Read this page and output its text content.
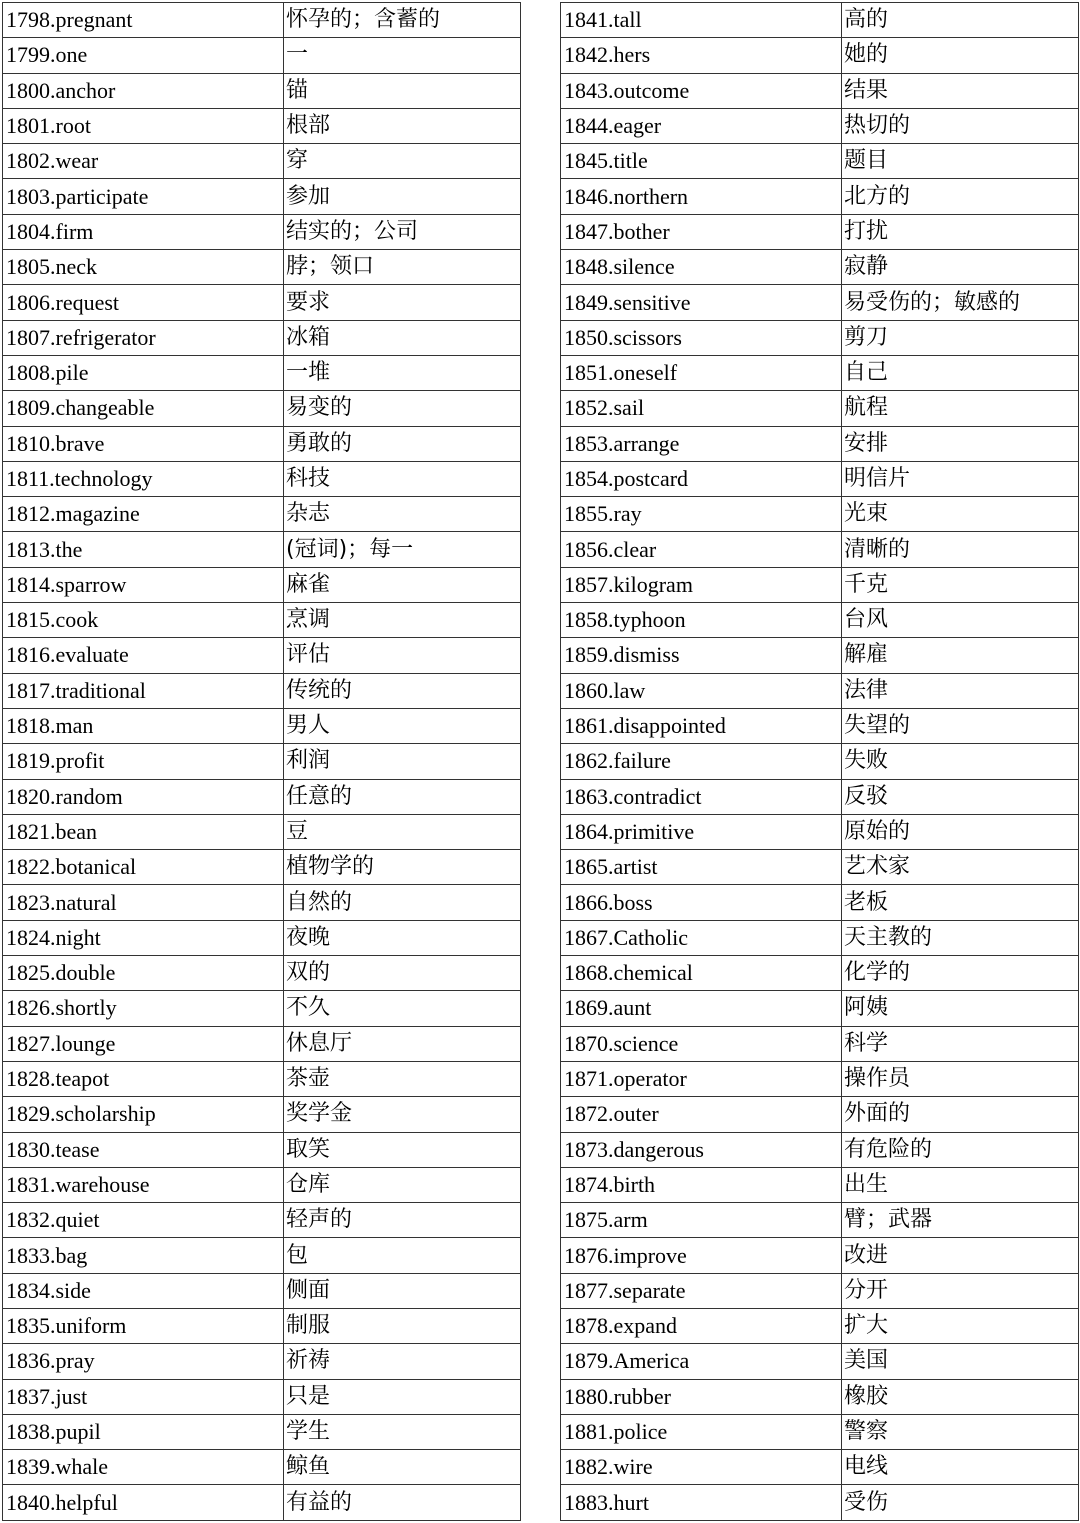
1798.pregnant	怀孕的；含蓄的
1799.one	一
1800.anchor	锚
1801.root	根部
1802.wear	穿
1803.participate	参加
1804.firm	结实的；公司
1805.neck	脖；领口
1806.request	要求
1807.refrigerator	冰箱
1808.pile	一堆
1809.changeable	易变的
1810.brave	勇敢的
1811.technology	科技
1812.magazine	杂志
1813.the	(冠词)；每一
1814.sparrow	麻雀
1815.cook	烹调
1816.evaluate	评估
1817.traditional	传统的
1818.man	男人
1819.profit	利润
1820.random	任意的
1821.bean	豆
1822.botanical	植物学的
1823.natural	自然的
1824.night	夜晚
1825.double	双的
1826.shortly	不久
1827.lounge	休息厅
1828.teapot	茶壶
1829.scholarship	奖学金
1830.tease	取笑
1831.warehouse	仓库
1832.quiet	轻声的
1833.bag	包
1834.side	侧面
1835.uniform	制服
1836.pray	祈祷
1837.just	只是
1838.pupil	学生
1839.whale	鲸鱼
1840.helpful	有益的
1841.tall	高的
1842.hers	她的
1843.outcome	结果
1844.eager	热切的
1845.title	题目
1846.northern	北方的
1847.bother	打扰
1848.silence	寂静
1849.sensitive	易受伤的；敏感的
1850.scissors	剪刀
1851.oneself	自己
1852.sail	航程
1853.arrange	安排
1854.postcard	明信片
1855.ray	光束
1856.clear	清晰的
1857.kilogram	千克
1858.typhoon	台风
1859.dismiss	解雇
1860.law	法律
1861.disappointed	失望的
1862.failure	失败
1863.contradict	反驳
1864.primitive	原始的
1865.artist	艺术家
1866.boss	老板
1867.Catholic	天主教的
1868.chemical	化学的
1869.aunt	阿姨
1870.science	科学
1871.operator	操作员
1872.outer	外面的
1873.dangerous	有危险的
1874.birth	出生
1875.arm	臂；武器
1876.improve	改进
1877.separate	分开
1878.expand	扩大
1879.America	美国
1880.rubber	橡胶
1881.police	警察
1882.wire	电线
1883.hurt	受伤
